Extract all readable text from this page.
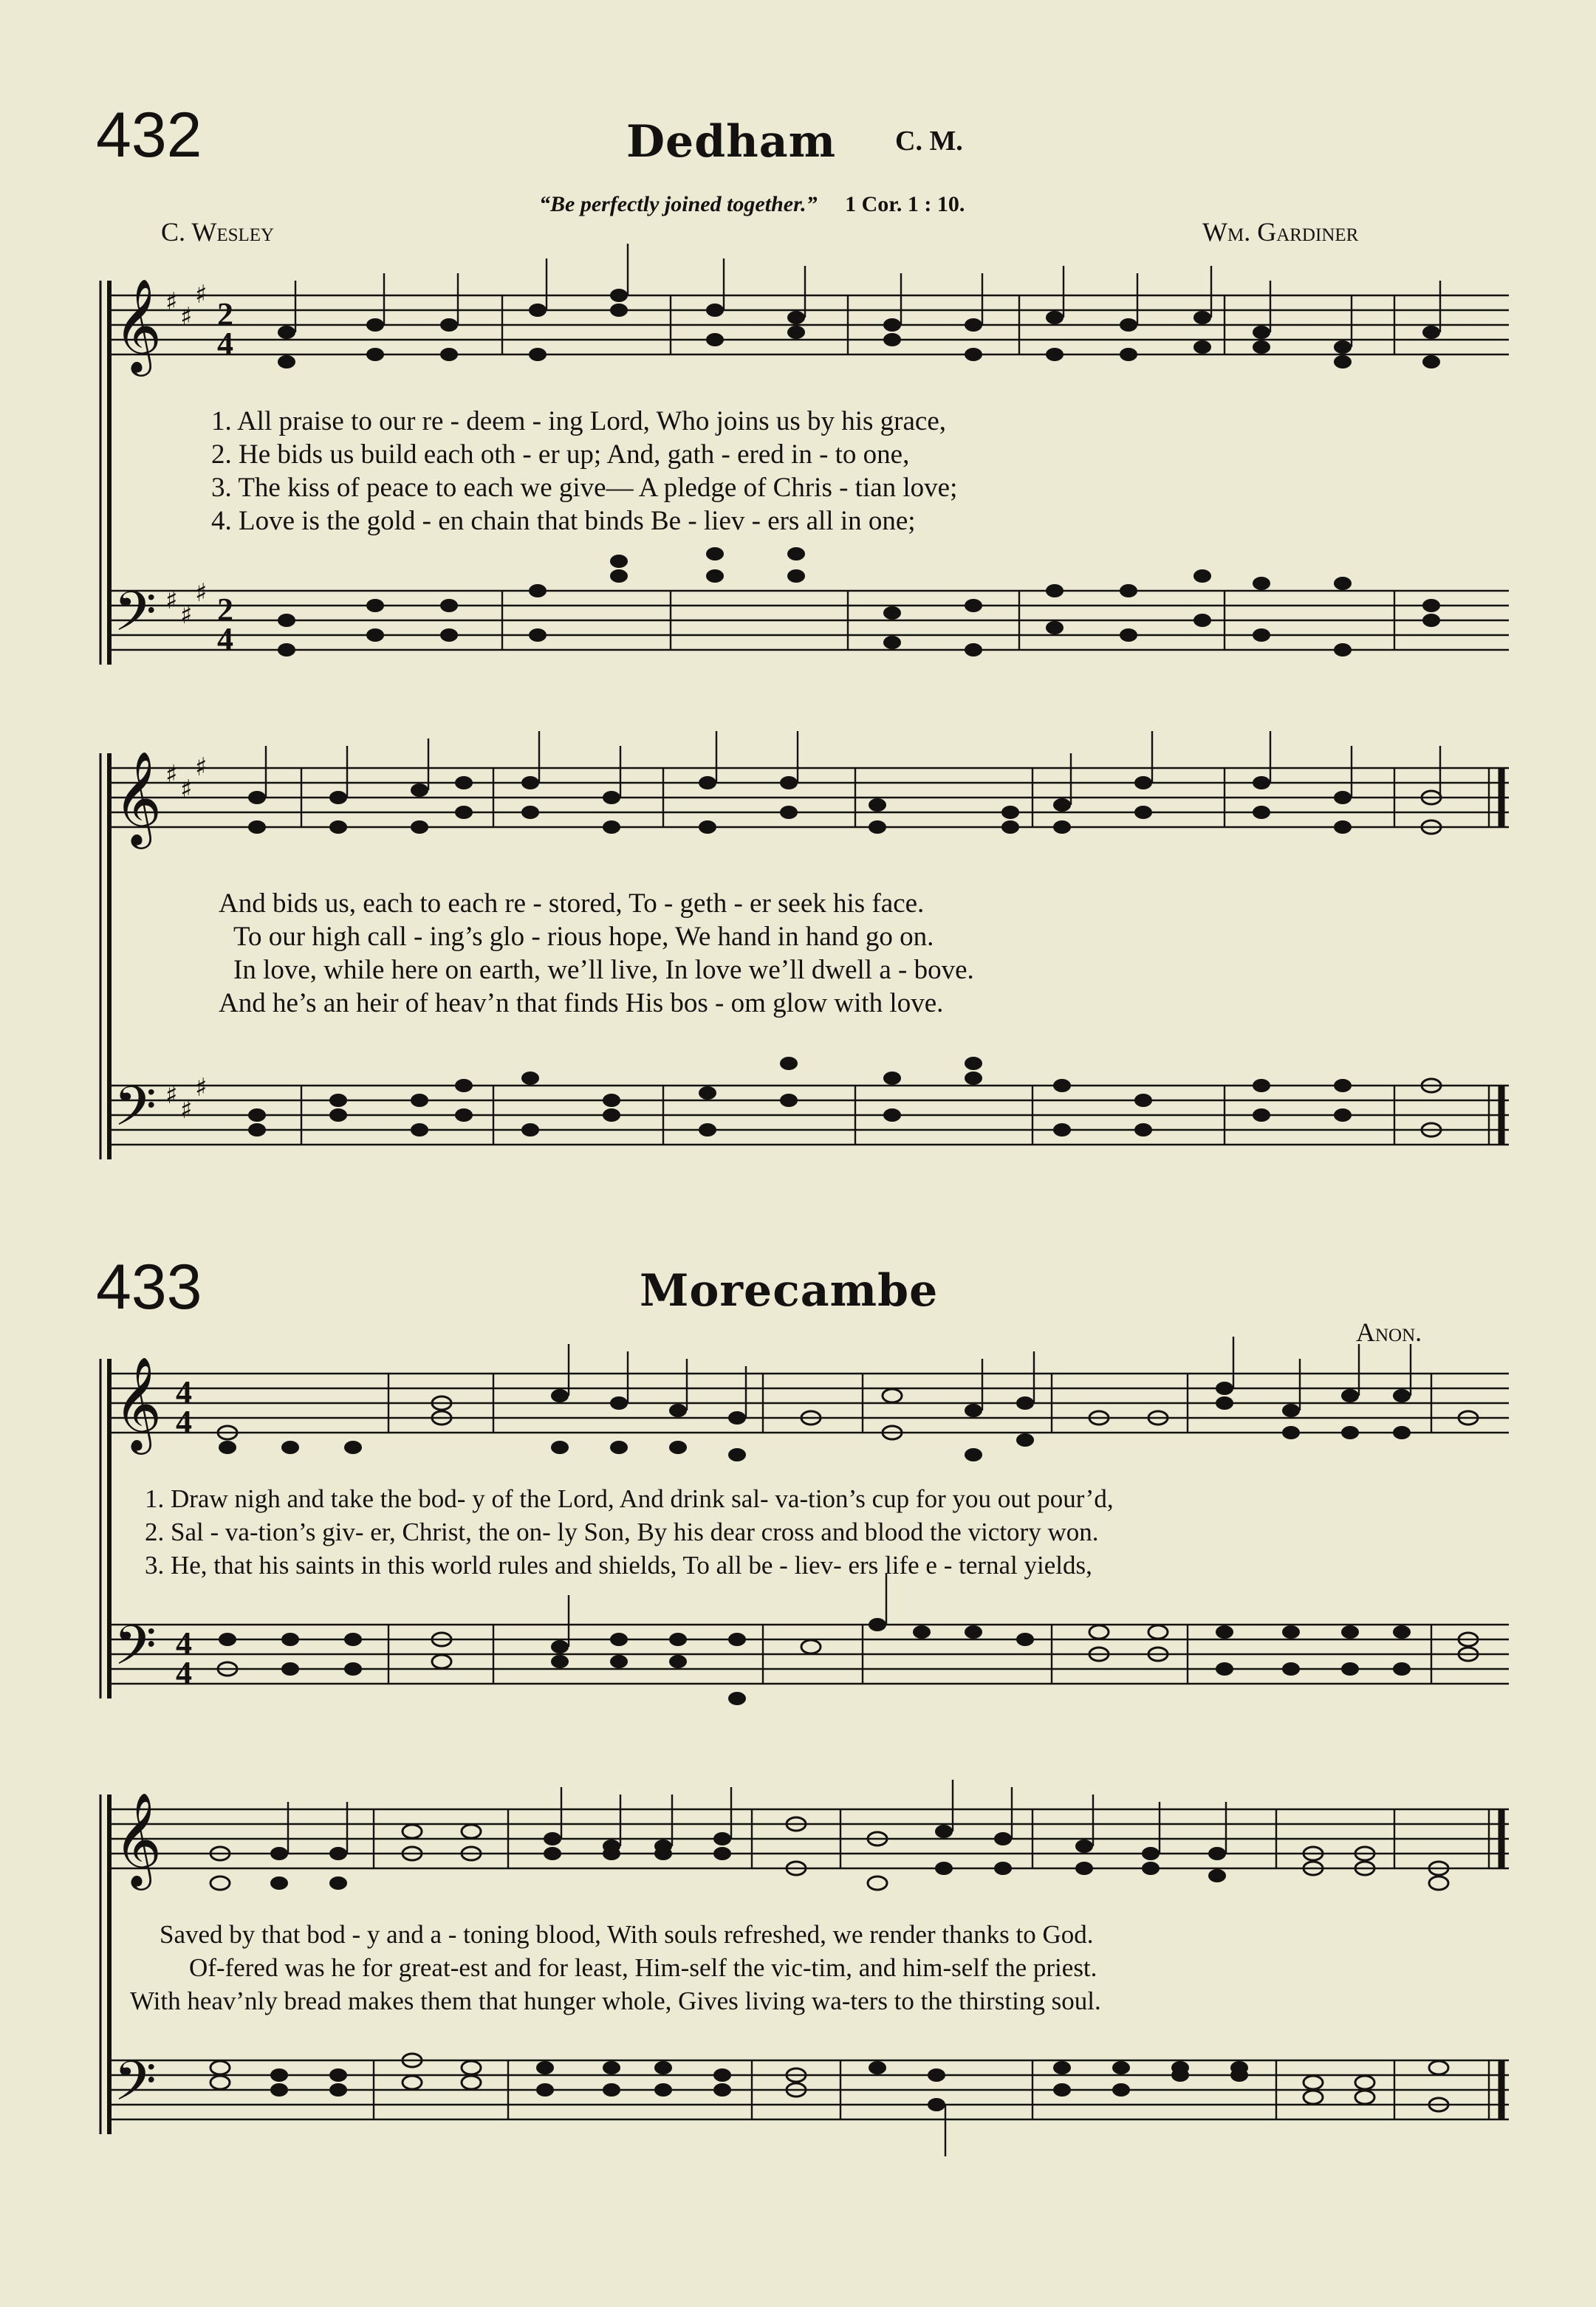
432	Dedham C. M.
“Be perfectly joined together.” 1 Cor. 1 : 10.
C. Wesley	Wm. Gardiner
𝄞
𝄢
♯ ♯
♯
♯ ♯
♯
2
4
2
4
1. All praise to our re - deem - ing Lord, Who joins us by his grace,
2. He bids us build each oth - er up; And, gath - ered in - to one,
3. The kiss of peace to each we give— A pledge of Chris - tian love;
4. Love is the gold - en chain that binds Be - liev - ers all in one;
𝄞
𝄢
♯ ♯
♯
♯ ♯
♯
And bids us, each to each re - stored, To - geth - er seek his face.
To our high call - ing’s glo - rious hope, We hand in hand go on.
In love, while here on earth, we’ll live, In love we’ll dwell a - bove.
And he’s an heir of heav’n that finds His bos - om glow with love.
433	Morecambe
Anon.
𝄞
𝄢
4
4
4
4
1. Draw nigh and take the bod- y of the Lord, And drink sal- va-tion’s cup for you out pour’d,
2. Sal - va-tion’s giv- er, Christ, the on- ly Son, By his dear cross and blood the victory won.
3. He, that his saints in this world rules and shields, To all be - liev- ers life e - ternal yields,
𝄞
𝄢
Saved by that bod - y and a - toning blood, With souls refreshed, we render thanks to God.
Of-fered was he for great-est and for least, Him-self the vic-tim, and him-self the priest.
With heav’nly bread makes them that hunger whole, Gives living wa-ters to the thirsting soul.
